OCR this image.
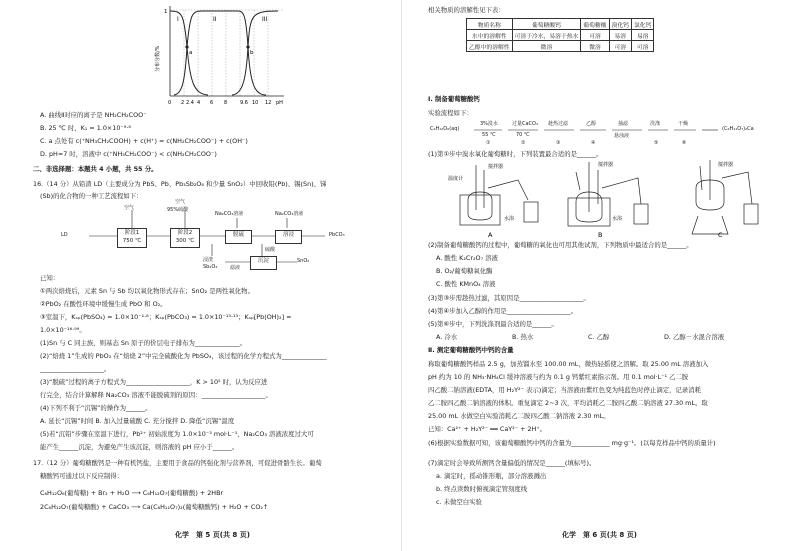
I	II	III
a	b
1
分布分数/%
0 2 2.4 4 6 8	9.6 10 12 pH
A. 曲线Ⅱ对应的离子是 NH₂CH₂COO⁻
B. 25 ℃ 时，K₁ = 1.0×10⁻⁹·⁶
C. a 点处有 c(⁺NH₃CH₂COOH) + c(H⁺) = c(NH₂CH₂COO⁻) + c(OH⁻)
D. pH=7 时，溶液中 c(⁺NH₃CH₂COO⁻) < c(NH₂CH₂COO⁻)
二、非选择题：本题共 4 小题，共 55 分。
16.（14 分）从铅渣 LD（主要成分为 PbS、Pb、Pb₃Sb₂O₈ 和少量 SnO₂）中回收铅(Pb)、锡(Sn)、锑
(Sb)的化合物的一种工艺流程如下：
LD
空气
空气
95%硫酸
阶段1
750 ℃
阶段2
300 ℃
Na₂CO₃溶液	Na₂CO₃溶液
脱硫	溶浸	PbCO₃
浸渣	沉淀
Sb₂O₃
SnO₂
硫酸
滤液
已知：
①两次焙烧后，元素 Sn 与 Sb 均以氧化物形式存在；SnO₂ 是两性氧化物。
②PbO₂ 在酸性环境中缓慢生成 PbO 和 O₂。
③室温下，Kₛₚ(PbSO₄) = 1.0×10⁻¹·⁸；Kₛₚ(PbCO₃) = 1.0×10⁻¹³·¹³；Kₛₚ[Pb(OH)₂] =
1.0×10⁻¹⁶·⁹⁹。
(1)Sn 与 C 同主族，则基态 Sn 原子的价层电子排布为______________。
(2)“焙烧 1”生成的 PbO₂ 在“焙烧 2”中完全硫酸化为 PbSO₄，该过程的化学方程式为______________
____________________。
(3)“脱硫”过程的离子方程式为____________________，K > 10⁵ 时，认为反应进
行完全，结合计算解释 Na₂CO₃ 溶液不能脱硫剂的原因：____________________。
(4)下列不利于“沉锡”的操作为______。
A. 延长“沉锡”时间 B. 加入过量硫酸 C. 充分搅拌 D. 降低“沉锡”温度
(5)若“沉铅”步骤在室温下进行，Pb²⁺ 初始浓度为 1.0×10⁻³ mol·L⁻¹，Na₂CO₃ 溶液浓度过大可
能产生______沉淀，为避免产生该沉淀，则溶液的 pH 应小于______。
17.（12 分）葡萄糖酸钙是一种有机钙盐，主要用于食品的钙强化剂与营养剂，可促进骨骼生长。葡萄
糖酸钙可通过以下反应制得：
C₆H₁₂O₆(葡萄糖) + Br₂ + H₂O ⟶ C₆H₁₂O₇(葡萄糖酸) + 2HBr
2C₆H₁₂O₇(葡萄糖酸) + CaCO₃ ⟶ Ca(C₆H₁₁O₇)₂(葡萄糖酸钙) + H₂O + CO₂↑
化学　第 5 页(共 8 页)
相关物质的溶解性见下表：
物质名称	葡萄糖酸钙	葡萄糖酸	溴化钙	氯化钙
水中的溶解性	可溶于冷水，易溶于热水	可溶	易溶	易溶
乙醇中的溶解性	微溶	微溶	可溶	可溶
Ⅰ. 制备葡萄糖酸钙
实验流程如下：
C₆H₁₂O₆(aq)
3%溴水
55 ℃
过量CaCO₃
70 ℃
趁热过滤	乙醇
悬浊液
抽滤	洗涤	干燥
(C₆H₁₁O₇)₂Ca
①	②	③	④	⑤	⑥
(1)第①步中溴水氧化葡萄糖时，下列装置最合适的是______。
A	B	C
搅拌器	搅拌器	搅拌器
温度计
水浴	水浴
(2)制备葡萄糖酸钙的过程中，葡萄糖的氧化也可用其他试剂，下列物质中最适合的是______。
A. 酸性 K₂Cr₂O₇ 溶液
B. O₂/葡萄糖氧化酶
C. 酸性 KMnO₄ 溶液
(3)第③步需趁热过滤，其原因是____________________。
(4)第④步加入乙醇的作用是____________________。
(5)第⑥步中，下列洗涤剂最合适的是______。
A. 冷水	B. 热水	C. 乙醇	D. 乙醇－水混合溶液
Ⅱ. 测定葡萄糖酸钙中钙的含量
称取葡萄糖酸钙样品 2.5 g，加蒸馏水至 100.00 mL，微热轻摇使之溶解。取 25.00 mL 溶液加入
pH 约为 10 的 NH₃·NH₄Cl 缓冲溶液与约为 0.1 g 钙紫红素指示剂。用 0.1 mol·L⁻¹ 乙二胺
四乙酸二钠溶液(EDTA，用 H₂Y²⁻ 表示)滴定；当溶液由紫红色变为纯蓝色时停止滴定，记录消耗
乙二胺四乙酸二钠溶液的体积。重复滴定 2~3 次，平均消耗乙二胺四乙酸二钠溶液 27.30 mL。取
25.00 mL 水做空白实验消耗乙二胺四乙酸二钠溶液 2.30 mL。
已知：Ca²⁺ + H₂Y²⁻ ══ CaY²⁻ + 2H⁺。
(6)根据实验数据可知，该葡萄糖酸钙中钙的含量为____________ mg·g⁻¹。(以每克样品中钙的质量计)
(7)滴定时会导致所测钙含量偏低的情况是______(填标号)。
a. 滴定时，摇动锥形瓶，部分溶液溅出
b. 终点读数时俯视滴定管刻度线
c. 未做空白实验
化学　第 6 页(共 8 页)
